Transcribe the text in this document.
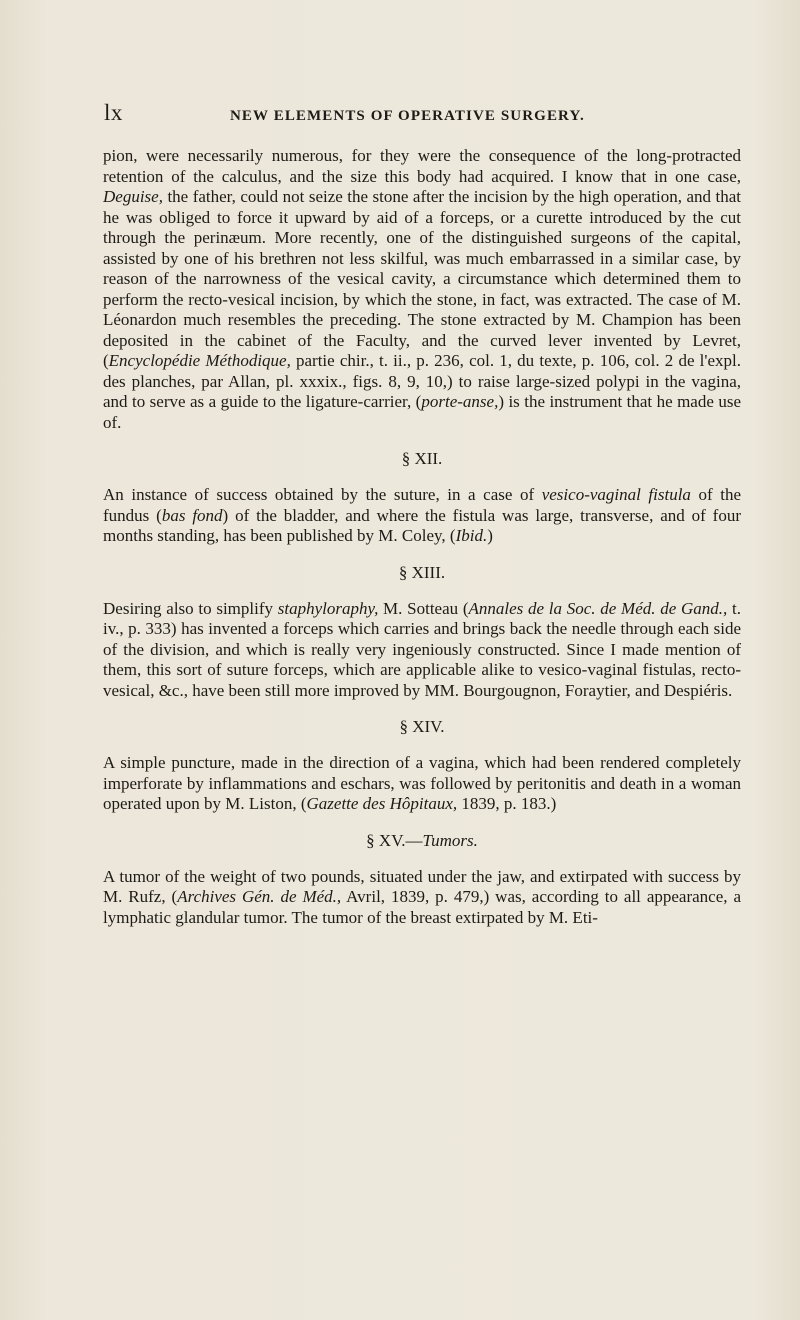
lx	NEW ELEMENTS OF OPERATIVE SURGERY.

pion, were necessarily numerous, for they were the consequence of the long-protracted retention of the calculus, and the size this body had acquired. I know that in one case, Deguise, the father, could not seize the stone after the incision by the high operation, and that he was obliged to force it upward by aid of a forceps, or a curette introduced by the cut through the perinæum. More recently, one of the distinguished surgeons of the capital, assisted by one of his brethren not less skilful, was much embarrassed in a similar case, by reason of the narrowness of the vesical cavity, a circumstance which determined them to perform the recto-vesical incision, by which the stone, in fact, was extracted. The case of M. Léonardon much resembles the preceding. The stone extracted by M. Champion has been deposited in the cabinet of the Faculty, and the curved lever invented by Levret, (Encyclopédie Méthodique, partie chir., t. ii., p. 236, col. 1, du texte, p. 106, col. 2 de l'expl. des planches, par Allan, pl. xxxix., figs. 8, 9, 10,) to raise large-sized polypi in the vagina, and to serve as a guide to the ligature-carrier, (porte-anse,) is the instrument that he made use of.

§ XII.

An instance of success obtained by the suture, in a case of vesico-vaginal fistula of the fundus (bas fond) of the bladder, and where the fistula was large, transverse, and of four months standing, has been published by M. Coley, (Ibid.)

§ XIII.

Desiring also to simplify staphyloraphy, M. Sotteau (Annales de la Soc. de Méd. de Gand., t. iv., p. 333) has invented a forceps which carries and brings back the needle through each side of the division, and which is really very ingeniously constructed. Since I made mention of them, this sort of suture forceps, which are applicable alike to vesico-vaginal fistulas, recto-vesical, &c., have been still more improved by MM. Bourgougnon, Foraytier, and Despiéris.

§ XIV.

A simple puncture, made in the direction of a vagina, which had been rendered completely imperforate by inflammations and eschars, was followed by peritonitis and death in a woman operated upon by M. Liston, (Gazette des Hôpitaux, 1839, p. 183.)

§ XV.—Tumors.

A tumor of the weight of two pounds, situated under the jaw, and extirpated with success by M. Rufz, (Archives Gén. de Méd., Avril, 1839, p. 479,) was, according to all appearance, a lymphatic glandular tumor. The tumor of the breast extirpated by M. Eti-
